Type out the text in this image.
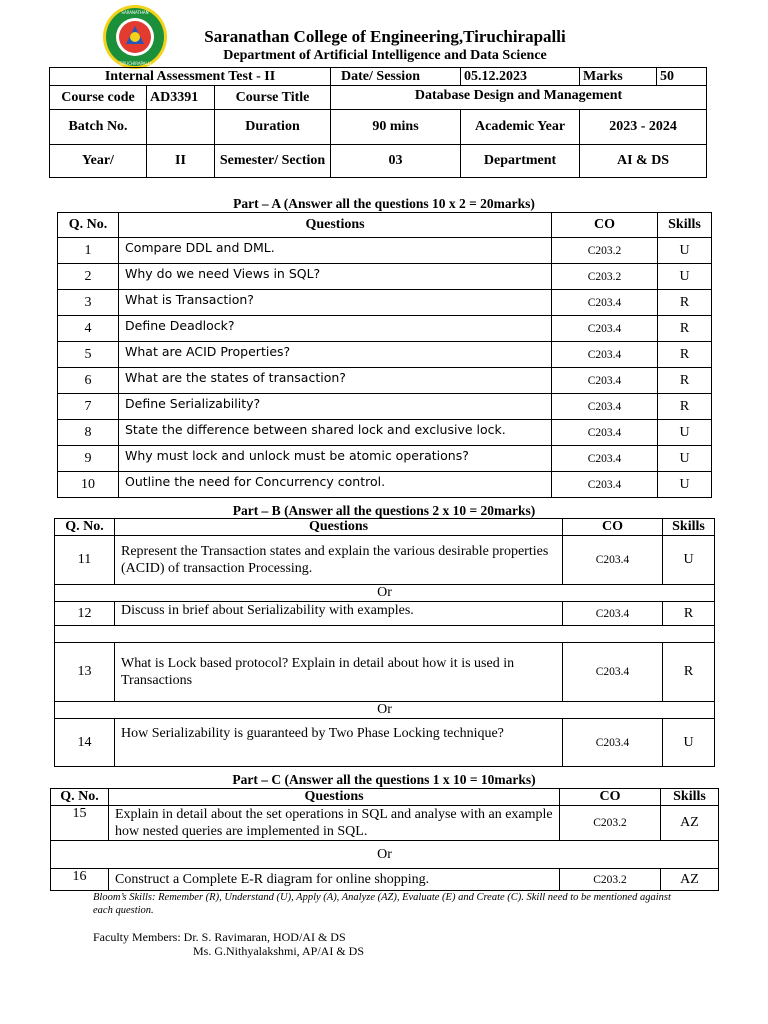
SARANATHAN
TIRUCHIRAPALLI
Saranathan College of Engineering,Tiruchirapalli
Department of Artificial Intelligence and Data Science
Internal Assessment Test - II			Date/ Session	05.12.2023	Marks	50
Course code	AD3391	Course Title	Database Design and Management			
Batch No.		Duration	90 mins	Academic Year	2023 - 2024	
Year/	II	Semester/ Section	03	Department	AI & DS	
Part – A (Answer all the questions 10 x 2 = 20marks)
Q. No.	Questions	CO	Skills
1	Compare DDL and DML.	C203.2	U
2	Why do we need Views in SQL?	C203.2	U
3	What is Transaction?	C203.4	R
4	Define Deadlock?	C203.4	R
5	What are ACID Properties?	C203.4	R
6	What are the states of transaction?	C203.4	R
7	Define Serializability?	C203.4	R
8	State the difference between shared lock and exclusive lock.	C203.4	U
9	Why must lock and unlock must be atomic operations?	C203.4	U
10	Outline the need for Concurrency control.	C203.4	U
Part – B (Answer all the questions 2 x 10 = 20marks)
Q. No.	Questions	CO	Skills
11	Represent the Transaction states and explain the various desirable properties (ACID) of transaction Processing.	C203.4	U
Or			
12	Discuss in brief about Serializability with examples.	C203.4	R

13	What is Lock based protocol? Explain in detail about how it is used in Transactions	C203.4	R
Or			
14	How Serializability is guaranteed by Two Phase Locking technique?	C203.4	U
Part – C (Answer all the questions 1 x 10 = 10marks)
Q. No.	Questions	CO	Skills
15	Explain in detail about the set operations in SQL and analyse with an example how nested queries are implemented in SQL.	C203.2	AZ
Or			
16	Construct a Complete E-R diagram for online shopping.	C203.2	AZ
Bloom’s Skills: Remember (R), Understand (U), Apply (A), Analyze (AZ), Evaluate (E) and Create (C). Skill need to be mentioned against each question.
Faculty Members: Dr. S. Ravimaran, HOD/AI & DS
Ms. G.Nithyalakshmi, AP/AI & DS
